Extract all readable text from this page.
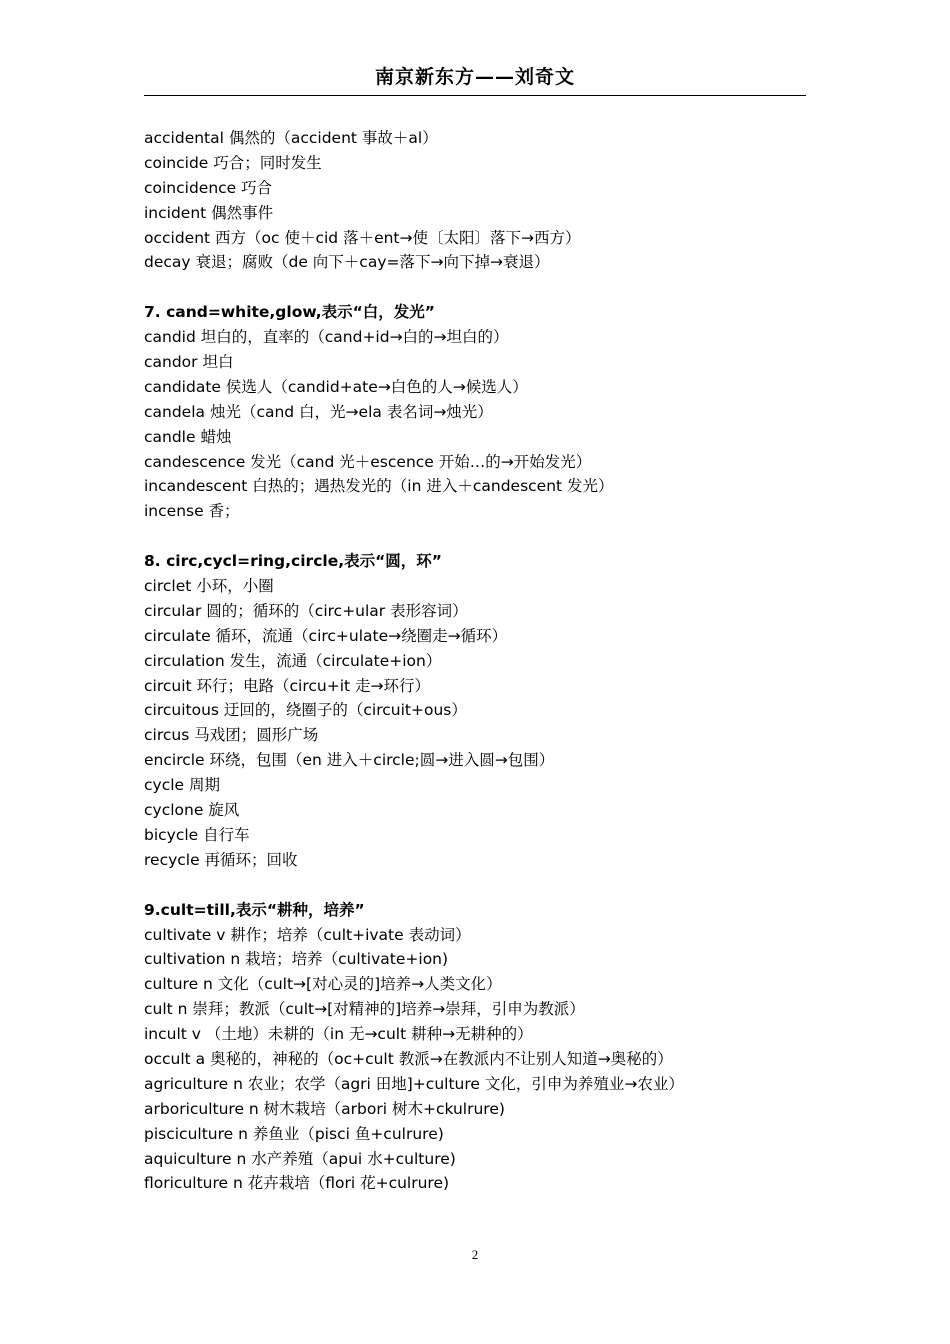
南京新东方——刘奇文
accidental 偶然的（accident 事故＋al）
coincide 巧合；同时发生
coincidence 巧合
incident 偶然事件
occident 西方（oc 使＋cid 落＋ent→使〔太阳〕落下→西方）
decay 衰退；腐败（de 向下＋cay=落下→向下掉→衰退）
7. cand=white,glow,表示“白，发光”
candid 坦白的，直率的（cand+id→白的→坦白的）
candor 坦白
candidate 侯选人（candid+ate→白色的人→候选人）
candela 烛光（cand 白，光→ela 表名词→烛光）
candle 蜡烛
candescence 发光（cand 光＋escence 开始…的→开始发光）
incandescent 白热的；遇热发光的（in 进入＋candescent 发光）
incense 香；
8. circ,cycl=ring,circle,表示“圆，环”
circlet 小环，小圈
circular 圆的；循环的（circ+ular 表形容词）
circulate 循环，流通（circ+ulate→绕圈走→循环）
circulation 发生，流通（circulate+ion）
circuit 环行；电路（circu+it 走→环行）
circuitous 迂回的，绕圈子的（circuit+ous）
circus 马戏团；圆形广场
encircle 环绕，包围（en 进入＋circle;圆→进入圆→包围）
cycle 周期
cyclone 旋风
bicycle 自行车
recycle 再循环；回收
9.cult=till,表示“耕种，培养”
cultivate v 耕作；培养（cult+ivate 表动词）
cultivation n 栽培；培养（cultivate+ion)
culture n 文化（cult→[对心灵的]培养→人类文化）
cult n 崇拜；教派（cult→[对精神的]培养→崇拜，引申为教派）
incult v （土地）未耕的（in 无→cult 耕种→无耕种的）
occult a 奥秘的，神秘的（oc+cult 教派→在教派内不让别人知道→奥秘的）
agriculture n 农业；农学（agri 田地]+culture 文化，引申为养殖业→农业）
arboriculture n 树木栽培（arbori 树木+ckulrure)
pisciculture n 养鱼业（pisci 鱼+culrure)
aquiculture n 水产养殖（apui 水+culture)
floriculture n 花卉栽培（flori 花+culrure)
2
